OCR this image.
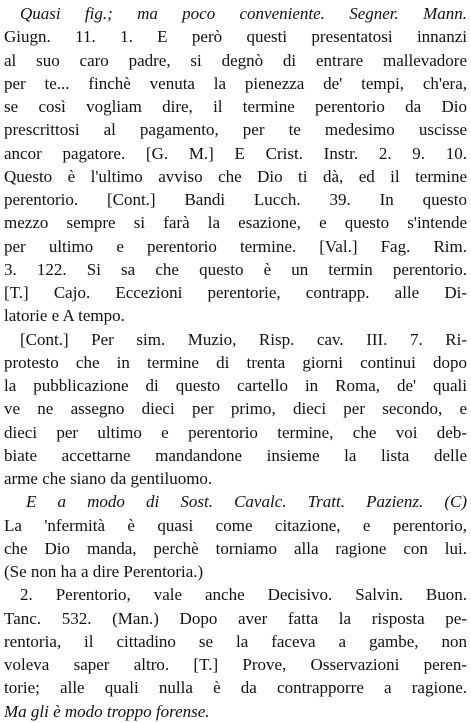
Quasi fig.; ma poco conveniente. Segner. Mann.
Giugn. 11. 1. E però questi presentatosi innanzi
al suo caro padre, si degnò di entrare mallevadore
per te... finchè venuta la pienezza de' tempi, ch'era,
se così vogliam dire, il termine perentorio da Dio
prescrittosi al pagamento, per te medesimo uscisse
ancor pagatore. [G. M.] E Crist. Instr. 2. 9. 10.
Questo è l'ultimo avviso che Dio ti dà, ed il termine
perentorio. [Cont.] Bandi Lucch. 39. In questo
mezzo sempre si farà la esazione, e questo s'intende
per ultimo e perentorio termine. [Val.] Fag. Rim.
3. 122. Si sa che questo è un termin perentorio.
[T.] Cajo. Eccezioni perentorie, contrapp. alle Di-
latorie e A tempo.
[Cont.] Per sim. Muzio, Risp. cav. III. 7. Ri-
protesto che in termine di trenta giorni continui dopo
la pubblicazione di questo cartello in Roma, de' quali
ve ne assegno dieci per primo, dieci per secondo, e
dieci per ultimo e perentorio termine, che voi deb-
biate accettarne mandandone insieme la lista delle
arme che siano da gentiluomo.
E a modo di Sost. Cavalc. Tratt. Pazienz. (C)
La 'nfermità è quasi come citazione, e perentorio,
che Dio manda, perchè torniamo alla ragione con lui.
(Se non ha a dire Perentoria.)
2. Perentorio, vale anche Decisivo. Salvin. Buon.
Tanc. 532. (Man.) Dopo aver fatta la risposta pe-
rentoria, il cittadino se la faceva a gambe, non
voleva saper altro. [T.] Prove, Osservazioni peren-
torie; alle quali nulla è da contrapporre a ragione.
Ma gli è modo troppo forense.
